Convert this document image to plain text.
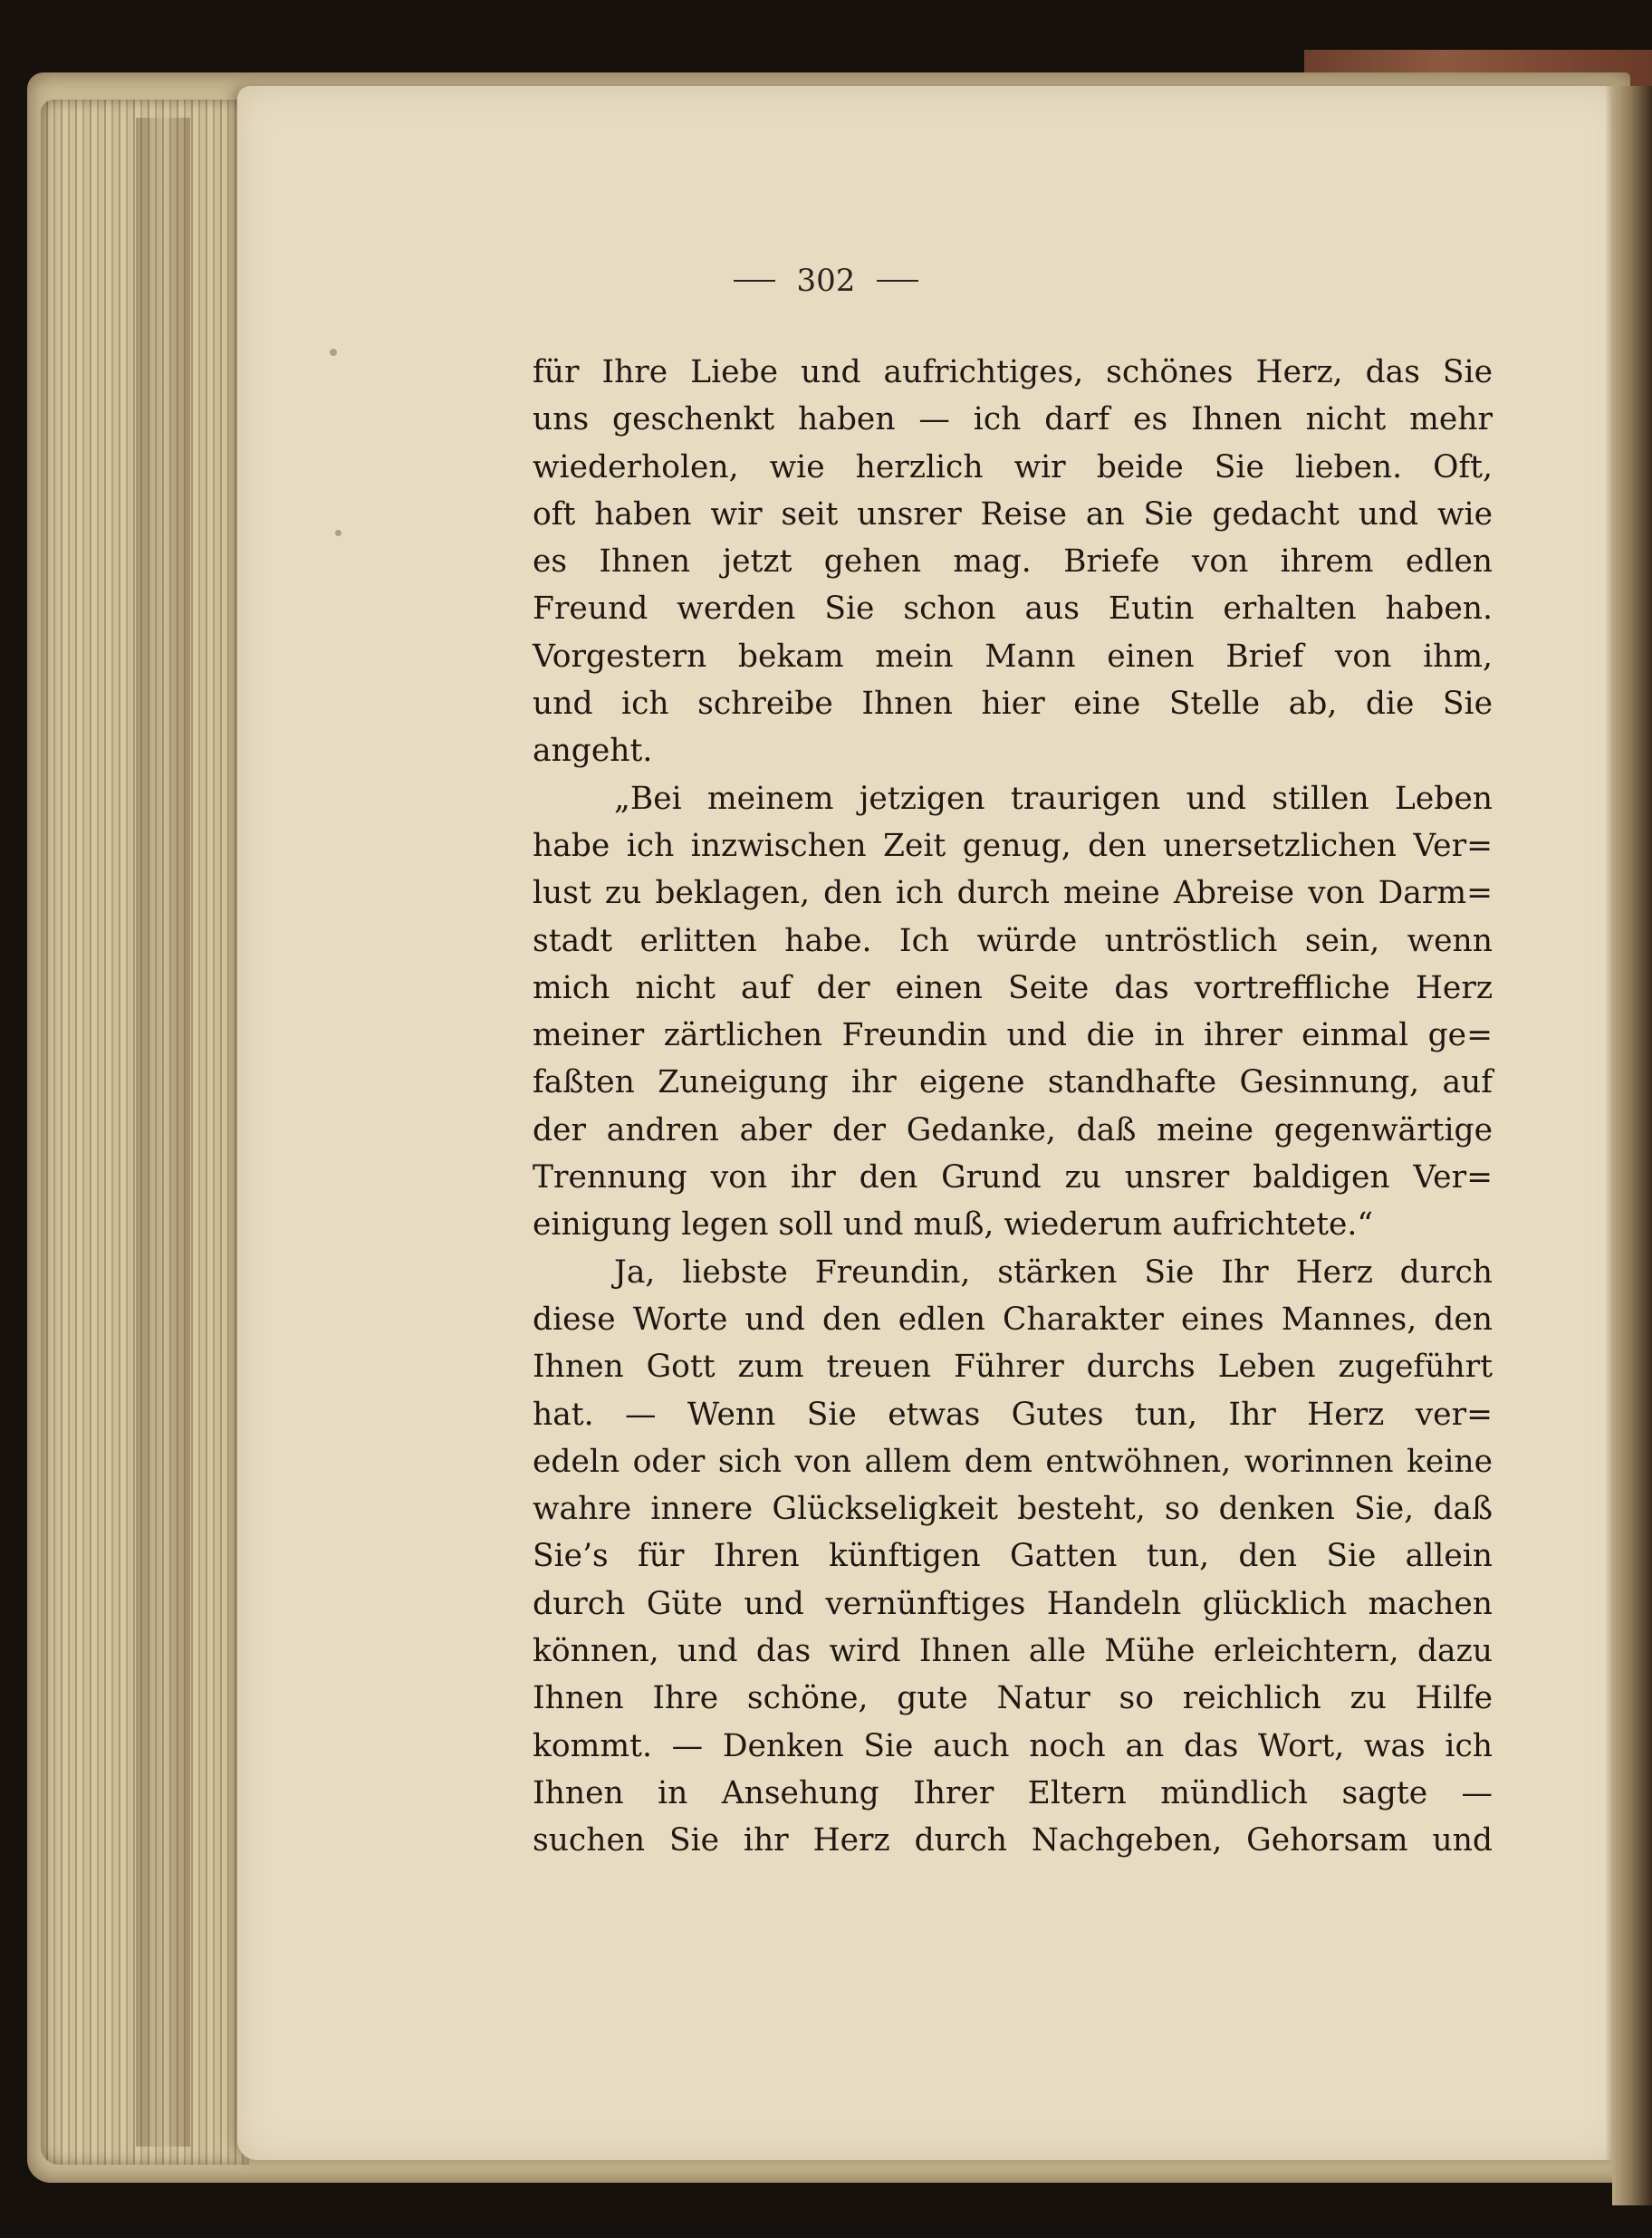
302
für Ihre Liebe und aufrichtiges, schönes Herz, das Sie
uns geschenkt haben — ich darf es Ihnen nicht mehr
wiederholen, wie herzlich wir beide Sie lieben. Oft,
oft haben wir seit unsrer Reise an Sie gedacht und wie
es Ihnen jetzt gehen mag. Briefe von ihrem edlen
Freund werden Sie schon aus Eutin erhalten haben.
Vorgestern bekam mein Mann einen Brief von ihm,
und ich schreibe Ihnen hier eine Stelle ab, die Sie
angeht.
„Bei meinem jetzigen traurigen und stillen Leben
habe ich inzwischen Zeit genug, den unersetzlichen Ver=
lust zu beklagen, den ich durch meine Abreise von Darm=
stadt erlitten habe. Ich würde untröstlich sein, wenn
mich nicht auf der einen Seite das vortreffliche Herz
meiner zärtlichen Freundin und die in ihrer einmal ge=
faßten Zuneigung ihr eigene standhafte Gesinnung, auf
der andren aber der Gedanke, daß meine gegenwärtige
Trennung von ihr den Grund zu unsrer baldigen Ver=
einigung legen soll und muß, wiederum aufrichtete.“
Ja, liebste Freundin, stärken Sie Ihr Herz durch
diese Worte und den edlen Charakter eines Mannes, den
Ihnen Gott zum treuen Führer durchs Leben zugeführt
hat. — Wenn Sie etwas Gutes tun, Ihr Herz ver=
edeln oder sich von allem dem entwöhnen, worinnen keine
wahre innere Glückseligkeit besteht, so denken Sie, daß
Sie’s für Ihren künftigen Gatten tun, den Sie allein
durch Güte und vernünftiges Handeln glücklich machen
können, und das wird Ihnen alle Mühe erleichtern, dazu
Ihnen Ihre schöne, gute Natur so reichlich zu Hilfe
kommt. — Denken Sie auch noch an das Wort, was ich
Ihnen in Ansehung Ihrer Eltern mündlich sagte —
suchen Sie ihr Herz durch Nachgeben, Gehorsam und
